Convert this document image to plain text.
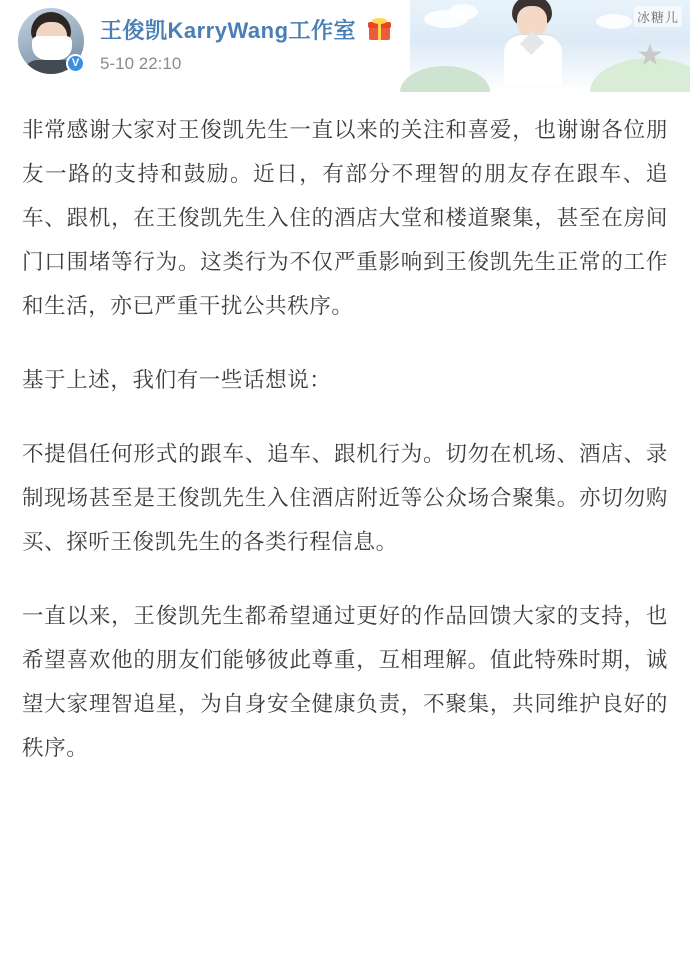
冰糖儿
V
王俊凯KarryWang工作室
5-10 22:10	★

非常感谢大家对王俊凯先生一直以来的关注和喜爱，也谢谢各位朋友一路的支持和鼓励。近日，有部分不理智的朋友存在跟车、追车、跟机，在王俊凯先生入住的酒店大堂和楼道聚集，甚至在房间门口围堵等行为。这类行为不仅严重影响到王俊凯先生正常的工作和生活，亦已严重干扰公共秩序。

基于上述，我们有一些话想说：

不提倡任何形式的跟车、追车、跟机行为。切勿在机场、酒店、录制现场甚至是王俊凯先生入住酒店附近等公众场合聚集。亦切勿购买、探听王俊凯先生的各类行程信息。

一直以来，王俊凯先生都希望通过更好的作品回馈大家的支持，也希望喜欢他的朋友们能够彼此尊重，互相理解。值此特殊时期，诚望大家理智追星，为自身安全健康负责，不聚集，共同维护良好的秩序。
